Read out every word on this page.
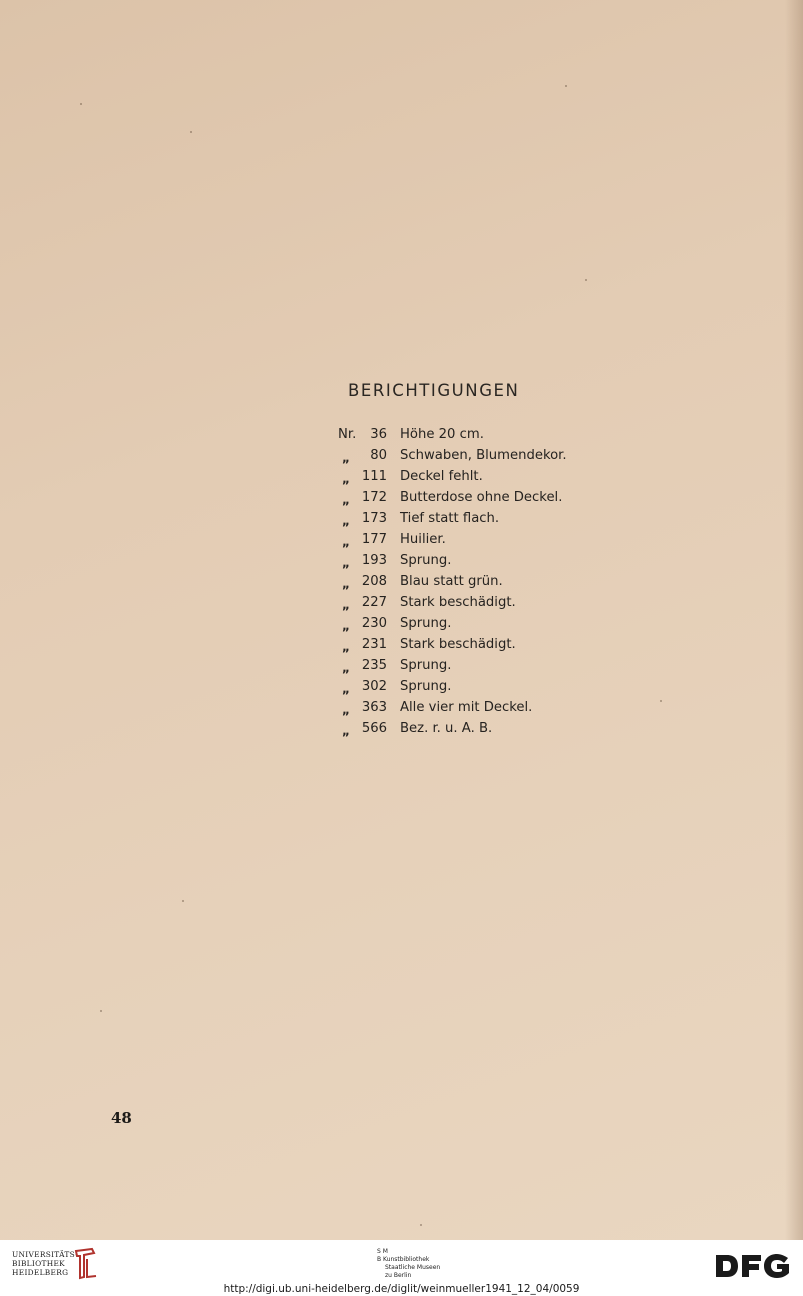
BERICHTIGUNGEN
Nr.	36 Höhe 20 cm.
„	80 Schwaben, Blumendekor.
„ 111 Deckel fehlt.
„ 172 Butterdose ohne Deckel.
„ 173 Tief statt flach.
„ 177 Huilier.
„ 193 Sprung.
„ 208 Blau statt grün.
„ 227 Stark beschädigt.
„ 230 Sprung.
„ 231 Stark beschädigt.
„ 235 Sprung.
„ 302 Sprung.
„ 363 Alle vier mit Deckel.
„ 566 Bez. r. u. A. B.
48
UNIVERSITÄTS-
BIBLIOTHEK
HEIDELBERG
S M
B Kunstbibliothek
Staatliche Museen
zu Berlin
http://digi.ub.uni-heidelberg.de/diglit/weinmueller1941_12_04/0059
